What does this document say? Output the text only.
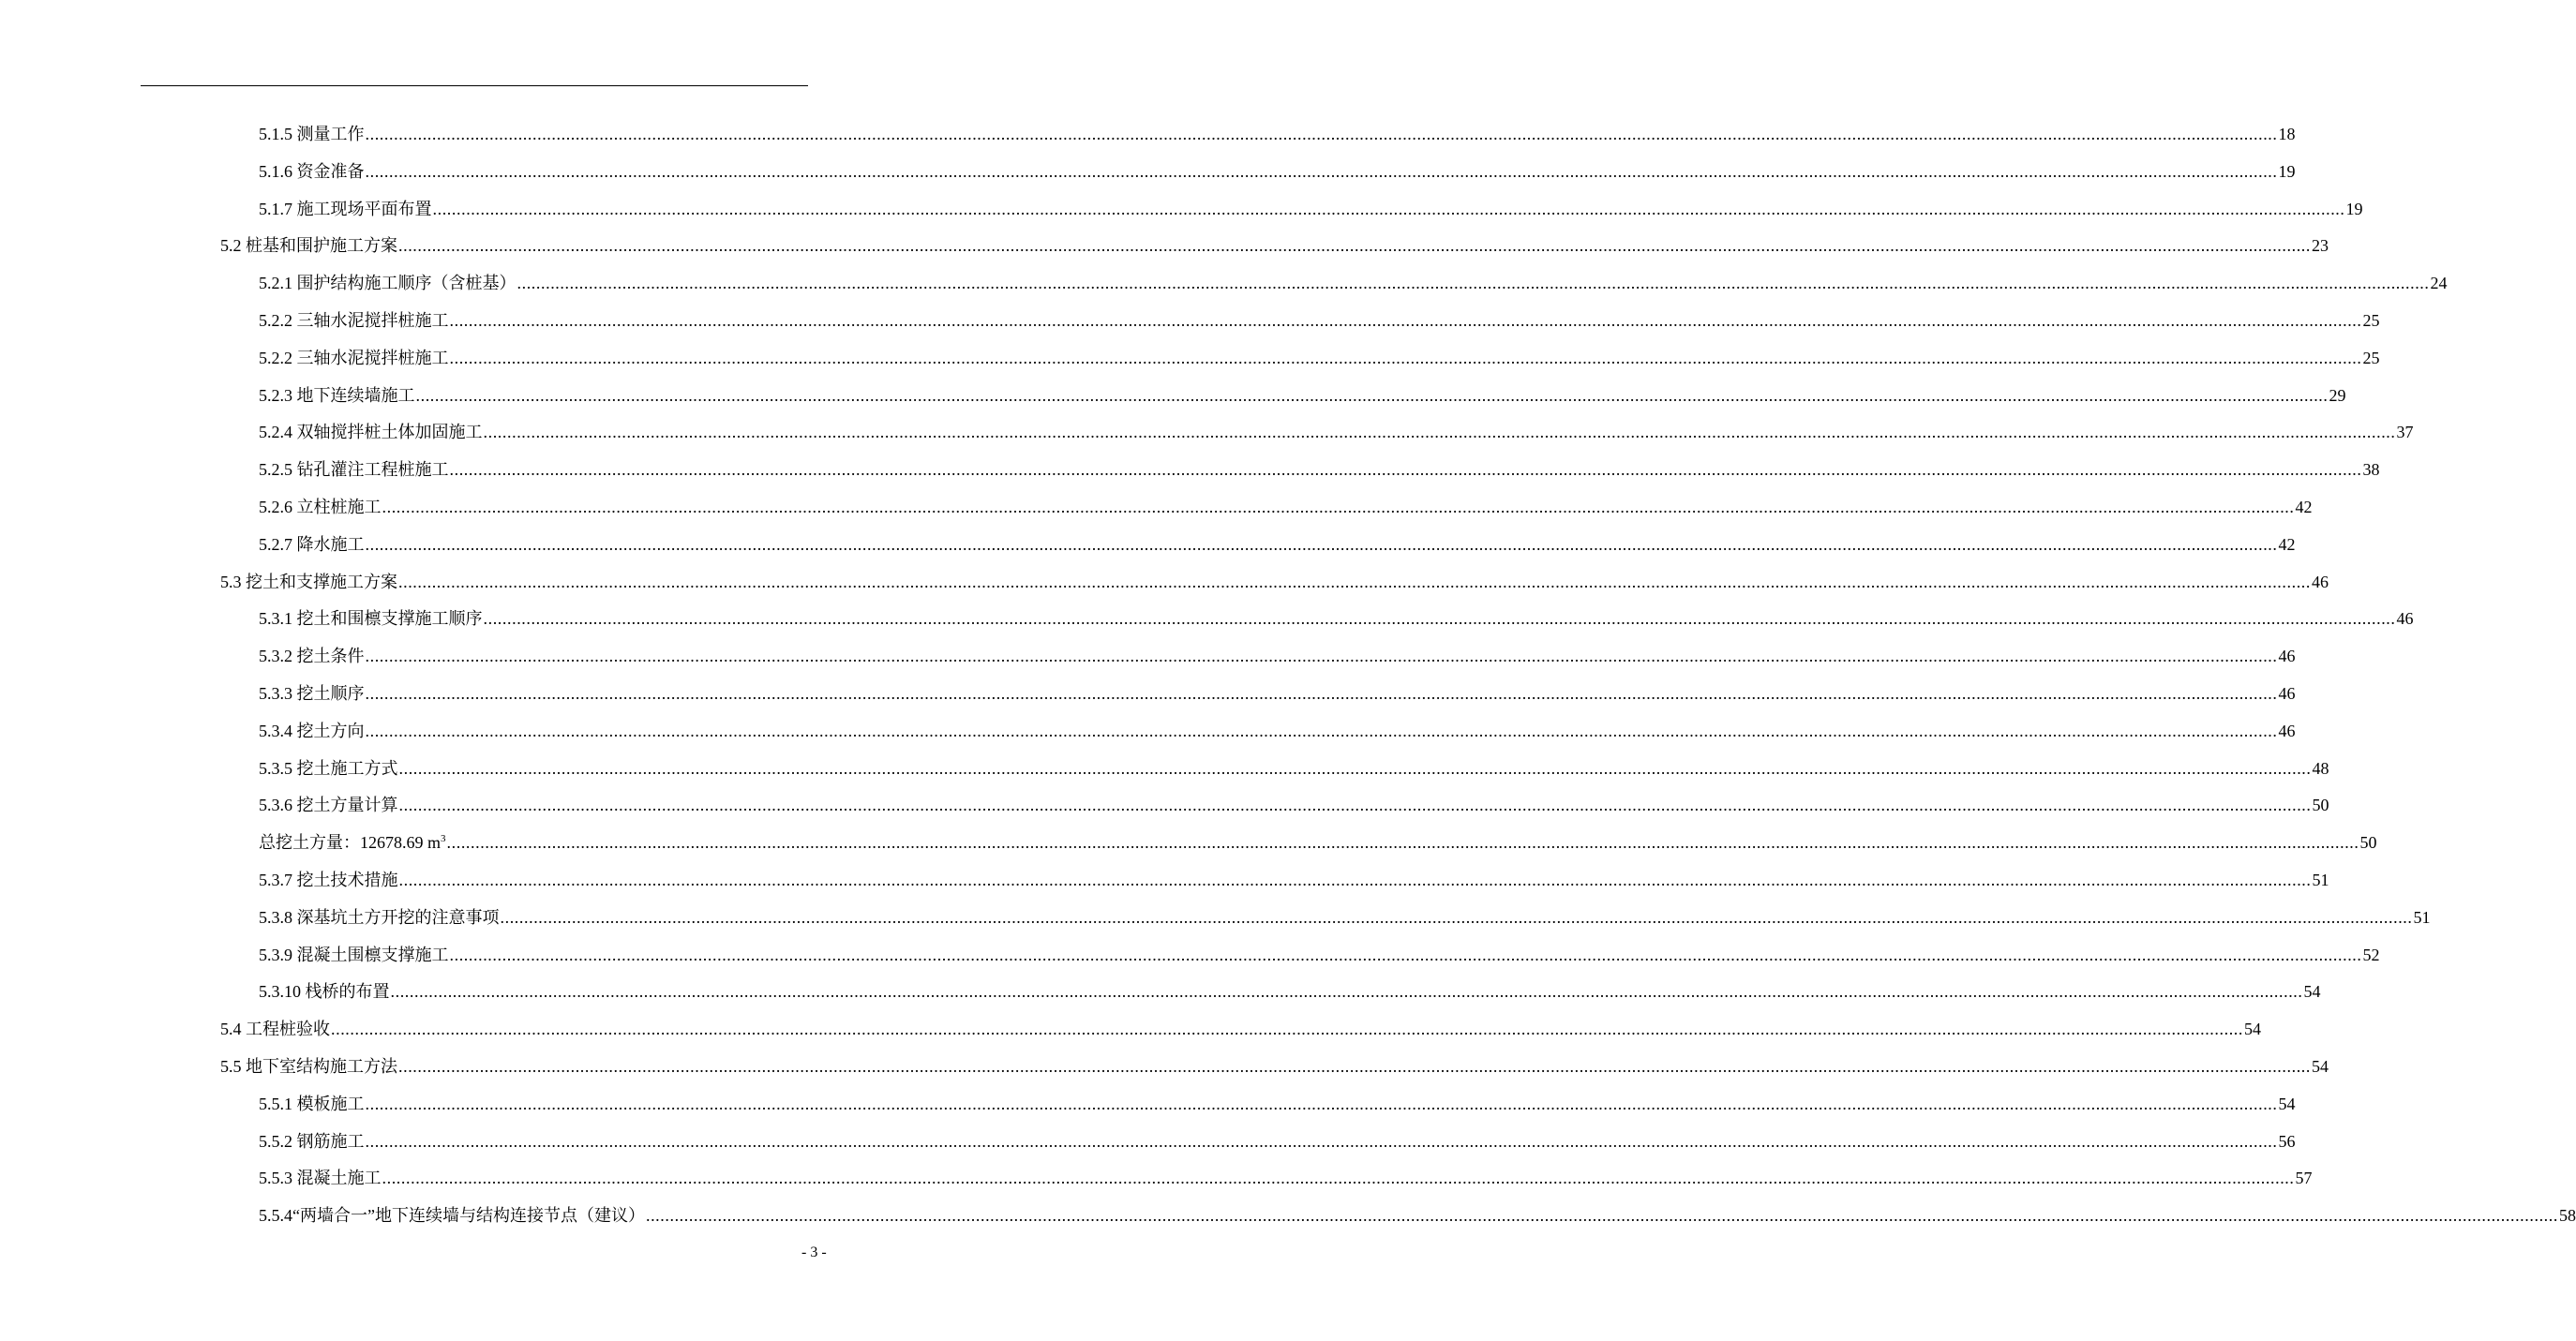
5.1.5 测量工作 ................................................................................................................................................................................................................................................................................................................................................................................................................ 18
5.1.6 资金准备 ................................................................................................................................................................................................................................................................................................................................................................................................................ 19
5.1.7 施工现场平面布置 ................................................................................................................................................................................................................................................................................................................................................................................................................ 19
5.2 桩基和围护施工方案 ................................................................................................................................................................................................................................................................................................................................................................................................................ 23
5.2.1 围护结构施工顺序（含桩基） ................................................................................................................................................................................................................................................................................................................................................................................................................ 24
5.2.2 三轴水泥搅拌桩施工 ................................................................................................................................................................................................................................................................................................................................................................................................................ 25
5.2.2 三轴水泥搅拌桩施工 ................................................................................................................................................................................................................................................................................................................................................................................................................ 25
5.2.3 地下连续墙施工 ................................................................................................................................................................................................................................................................................................................................................................................................................ 29
5.2.4 双轴搅拌桩土体加固施工 ................................................................................................................................................................................................................................................................................................................................................................................................................ 37
5.2.5 钻孔灌注工程桩施工 ................................................................................................................................................................................................................................................................................................................................................................................................................ 38
5.2.6 立柱桩施工 ................................................................................................................................................................................................................................................................................................................................................................................................................ 42
5.2.7 降水施工 ................................................................................................................................................................................................................................................................................................................................................................................................................ 42
5.3 挖土和支撑施工方案 ................................................................................................................................................................................................................................................................................................................................................................................................................ 46
5.3.1 挖土和围檩支撑施工顺序 ................................................................................................................................................................................................................................................................................................................................................................................................................ 46
5.3.2 挖土条件 ................................................................................................................................................................................................................................................................................................................................................................................................................ 46
5.3.3 挖土顺序 ................................................................................................................................................................................................................................................................................................................................................................................................................ 46
5.3.4 挖土方向 ................................................................................................................................................................................................................................................................................................................................................................................................................ 46
5.3.5 挖土施工方式 ................................................................................................................................................................................................................................................................................................................................................................................................................ 48
5.3.6 挖土方量计算 ................................................................................................................................................................................................................................................................................................................................................................................................................ 50
总挖土方量：12678.69 $m^3$ ................................................................................................................................................................................................................................................................................................................................................................................................................ 50
5.3.7 挖土技术措施 ................................................................................................................................................................................................................................................................................................................................................................................................................ 51
5.3.8 深基坑土方开挖的注意事项 ................................................................................................................................................................................................................................................................................................................................................................................................................ 51
5.3.9 混凝土围檩支撑施工 ................................................................................................................................................................................................................................................................................................................................................................................................................ 52
5.3.10 栈桥的布置 ................................................................................................................................................................................................................................................................................................................................................................................................................ 54
5.4 工程桩验收 ................................................................................................................................................................................................................................................................................................................................................................................................................ 54
5.5 地下室结构施工方法 ................................................................................................................................................................................................................................................................................................................................................................................................................ 54
5.5.1 模板施工 ................................................................................................................................................................................................................................................................................................................................................................................................................ 54
5.5.2 钢筋施工 ................................................................................................................................................................................................................................................................................................................................................................................................................ 56
5.5.3 混凝土施工 ................................................................................................................................................................................................................................................................................................................................................................................................................ 57
5.5.4“两墙合一”地下连续墙与结构连接节点（建议） ................................................................................................................................................................................................................................................................................................................................................................................................................ 58
- 3 -
